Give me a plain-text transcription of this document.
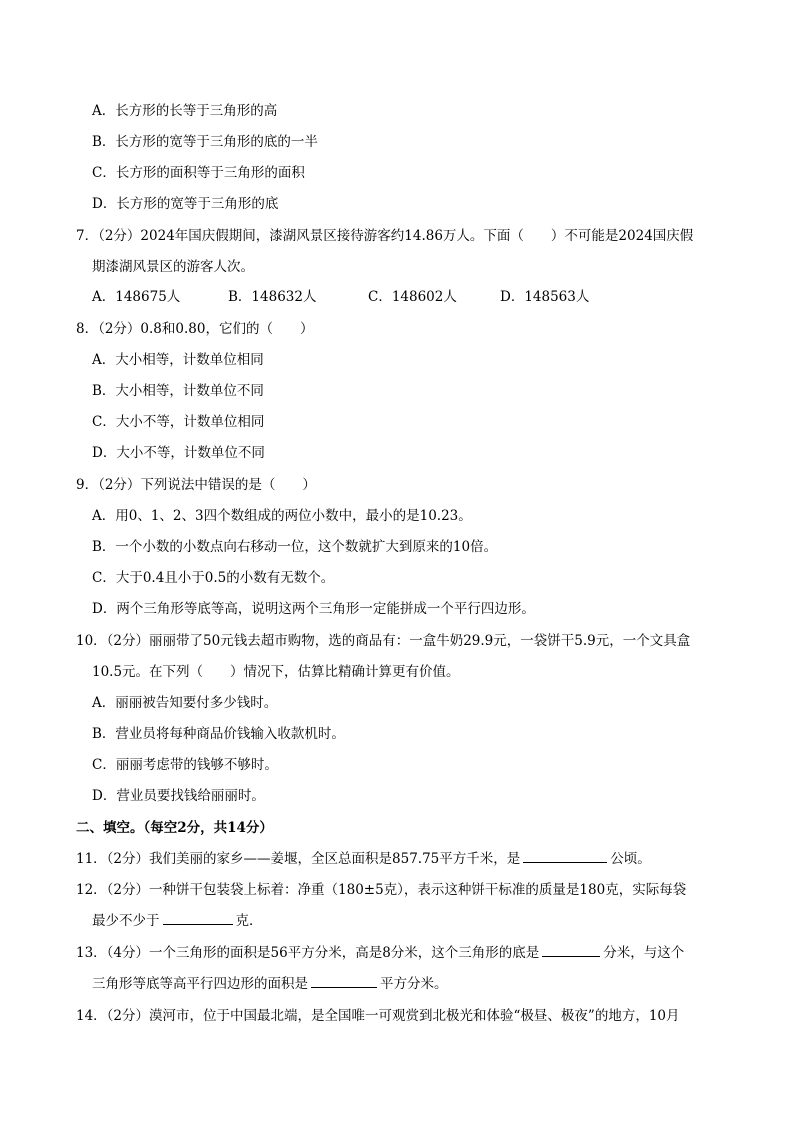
A．长方形的长等于三角形的高
B．长方形的宽等于三角形的底的一半
C．长方形的面积等于三角形的面积
D．长方形的宽等于三角形的底
7．（2分）2024年国庆假期间，漆湖风景区接待游客约14.86万人。下面（　　）不可能是2024国庆假
期漆湖风景区的游客人次。
A．148675人	B．148632人	C．148602人	D．148563人
8．（2分）0.8和0.80，它们的（　　）
A．大小相等，计数单位相同
B．大小相等，计数单位不同
C．大小不等，计数单位相同
D．大小不等，计数单位不同
9．（2分）下列说法中错误的是（　　）
A．用0、1、2、3四个数组成的两位小数中，最小的是10.23。
B．一个小数的小数点向右移动一位，这个数就扩大到原来的10倍。
C．大于0.4且小于0.5的小数有无数个。
D．两个三角形等底等高，说明这两个三角形一定能拼成一个平行四边形。
10．（2分）丽丽带了50元钱去超市购物，选的商品有：一盒牛奶29.9元，一袋饼干5.9元，一个文具盒
10.5元。在下列（　　）情况下，估算比精确计算更有价值。
A．丽丽被告知要付多少钱时。
B．营业员将每种商品价钱输入收款机时。
C．丽丽考虑带的钱够不够时。
D．营业员要找钱给丽丽时。
二、填空。（每空2分，共14分）
11．（2分）我们美丽的家乡——姜堰，全区总面积是857.75平方千米，是	公顷。
12．（2分）一种饼干包装袋上标着：净重（180±5克），表示这种饼干标准的质量是180克，实际每袋
最少不少于	克．
13．（4分）一个三角形的面积是56平方分米，高是8分米，这个三角形的底是	分米，与这个
三角形等底等高平行四边形的面积是	平方分米。
14．（2分）漠河市，位于中国最北端，是全国唯一可观赏到北极光和体验“极昼、极夜”的地方，10月
